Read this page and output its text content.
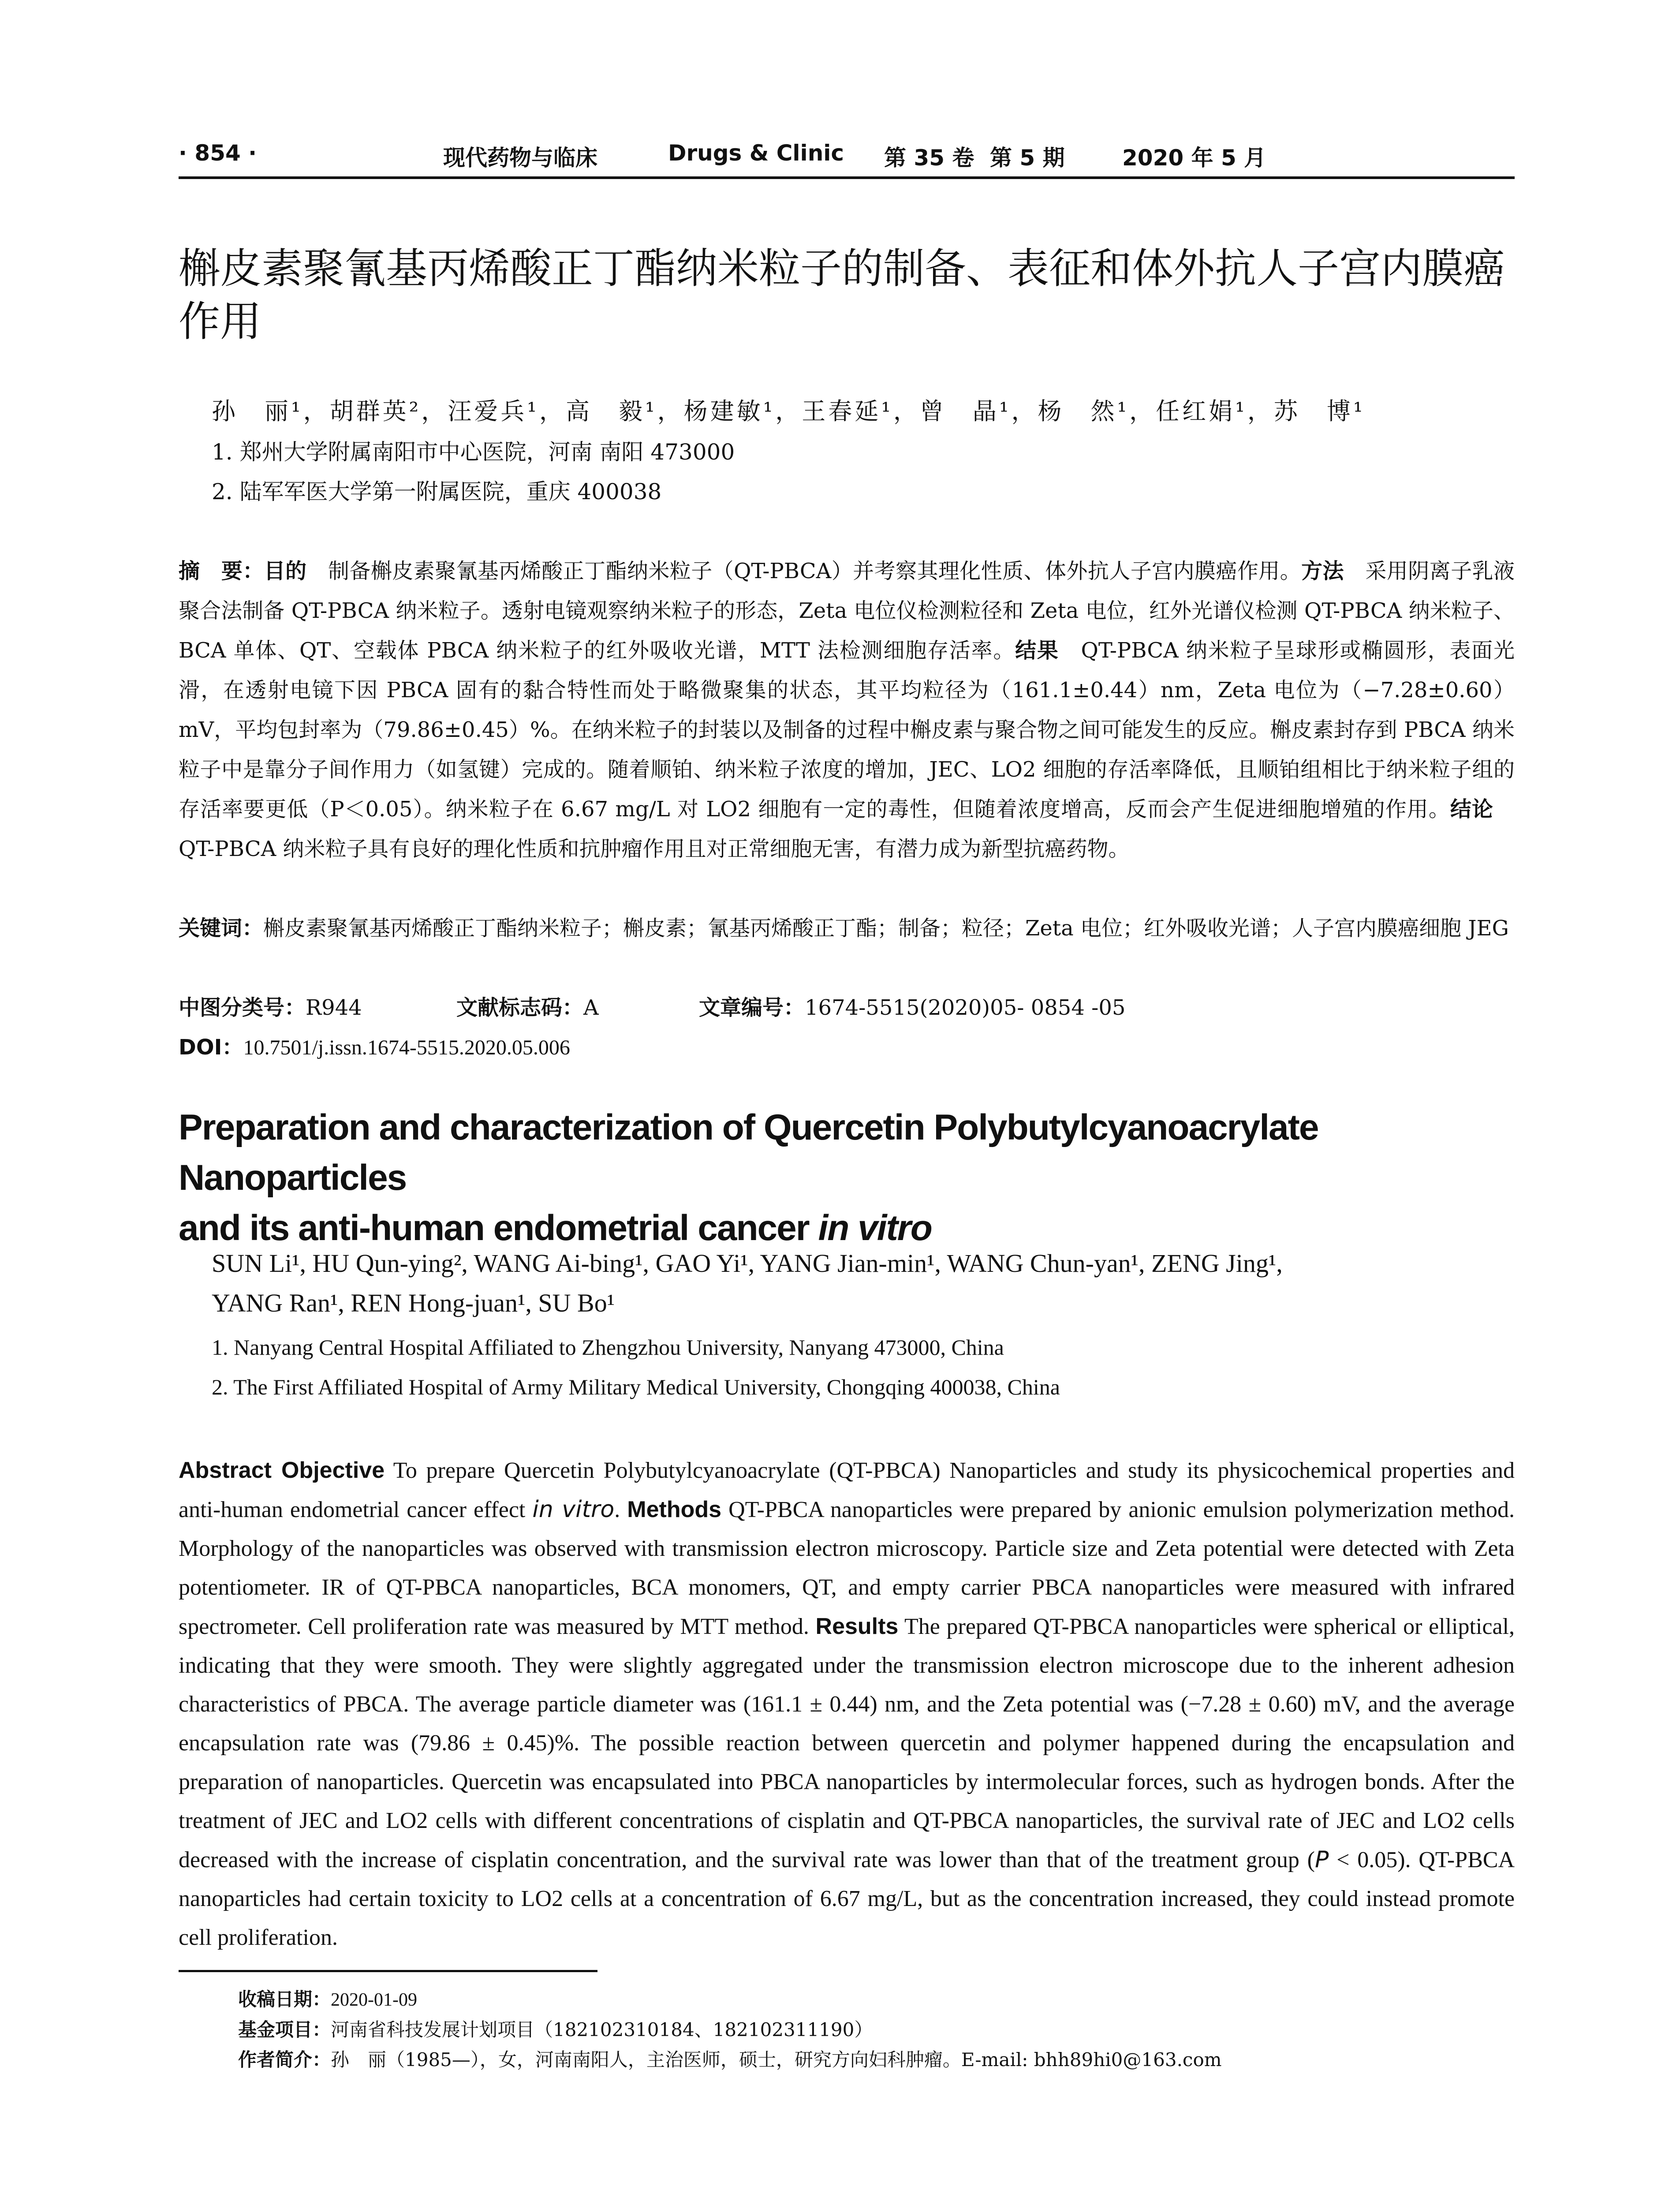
· 854 ·	现代药物与临床	Drugs & Clinic 第 35 卷 第 5 期	2020 年 5 月
槲皮素聚氰基丙烯酸正丁酯纳米粒子的制备、表征和体外抗人子宫内膜癌
作用
孙　丽¹，胡群英²，汪爱兵¹，高　毅¹，杨建敏¹，王春延¹，曾　晶¹，杨　然¹，任红娟¹，苏　博¹
1. 郑州大学附属南阳市中心医院，河南 南阳 473000
2. 陆军军医大学第一附属医院，重庆 400038
摘　要：目的　制备槲皮素聚氰基丙烯酸正丁酯纳米粒子（QT-PBCA）并考察其理化性质、体外抗人子宫内膜癌作用。方法　采用阴离子乳液聚合法制备 QT-PBCA 纳米粒子。透射电镜观察纳米粒子的形态，Zeta 电位仪检测粒径和 Zeta 电位，红外光谱仪检测 QT-PBCA 纳米粒子、BCA 单体、QT、空载体 PBCA 纳米粒子的红外吸收光谱，MTT 法检测细胞存活率。结果　QT-PBCA 纳米粒子呈球形或椭圆形，表面光滑，在透射电镜下因 PBCA 固有的黏合特性而处于略微聚集的状态，其平均粒径为（161.1±0.44）nm，Zeta 电位为（−7.28±0.60）mV，平均包封率为（79.86±0.45）%。在纳米粒子的封装以及制备的过程中槲皮素与聚合物之间可能发生的反应。槲皮素封存到 PBCA 纳米粒子中是靠分子间作用力（如氢键）完成的。随着顺铂、纳米粒子浓度的增加，JEC、LO2 细胞的存活率降低，且顺铂组相比于纳米粒子组的存活率要更低（P＜0.05）。纳米粒子在 6.67 mg/L 对 LO2 细胞有一定的毒性，但随着浓度增高，反而会产生促进细胞增殖的作用。结论　QT-PBCA 纳米粒子具有良好的理化性质和抗肿瘤作用且对正常细胞无害，有潜力成为新型抗癌药物。
关键词：槲皮素聚氰基丙烯酸正丁酯纳米粒子；槲皮素；氰基丙烯酸正丁酯；制备；粒径；Zeta 电位；红外吸收光谱；人子宫内膜癌细胞 JEG
中图分类号：R944	文献标志码：A	文章编号：1674-5515(2020)05- 0854 -05
DOI：10.7501/j.issn.1674-5515.2020.05.006
Preparation and characterization of Quercetin Polybutylcyanoacrylate Nanoparticles
and its anti-human endometrial cancer in vitro
SUN Li¹, HU Qun-ying², WANG Ai-bing¹, GAO Yi¹, YANG Jian-min¹, WANG Chun-yan¹, ZENG Jing¹,
YANG Ran¹, REN Hong-juan¹, SU Bo¹
1. Nanyang Central Hospital Affiliated to Zhengzhou University, Nanyang 473000, China
2. The First Affiliated Hospital of Army Military Medical University, Chongqing 400038, China
Abstract Objective To prepare Quercetin Polybutylcyanoacrylate (QT-PBCA) Nanoparticles and study its physicochemical properties and anti-human endometrial cancer effect in vitro. Methods QT-PBCA nanoparticles were prepared by anionic emulsion polymerization method. Morphology of the nanoparticles was observed with transmission electron microscopy. Particle size and Zeta potential were detected with Zeta potentiometer. IR of QT-PBCA nanoparticles, BCA monomers, QT, and empty carrier PBCA nanoparticles were measured with infrared spectrometer. Cell proliferation rate was measured by MTT method. Results The prepared QT-PBCA nanoparticles were spherical or elliptical, indicating that they were smooth. They were slightly aggregated under the transmission electron microscope due to the inherent adhesion characteristics of PBCA. The average particle diameter was (161.1 ± 0.44) nm, and the Zeta potential was (−7.28 ± 0.60) mV, and the average encapsulation rate was (79.86 ± 0.45)%. The possible reaction between quercetin and polymer happened during the encapsulation and preparation of nanoparticles. Quercetin was encapsulated into PBCA nanoparticles by intermolecular forces, such as hydrogen bonds. After the treatment of JEC and LO2 cells with different concentrations of cisplatin and QT-PBCA nanoparticles, the survival rate of JEC and LO2 cells decreased with the increase of cisplatin concentration, and the survival rate was lower than that of the treatment group (P < 0.05). QT-PBCA nanoparticles had certain toxicity to LO2 cells at a concentration of 6.67 mg/L, but as the concentration increased, they could instead promote cell proliferation.
收稿日期：2020-01-09
基金项目：河南省科技发展计划项目（182102310184、182102311190）
作者简介：孙　丽（1985—），女，河南南阳人，主治医师，硕士，研究方向妇科肿瘤。E-mail: bhh89hi0@163.com
